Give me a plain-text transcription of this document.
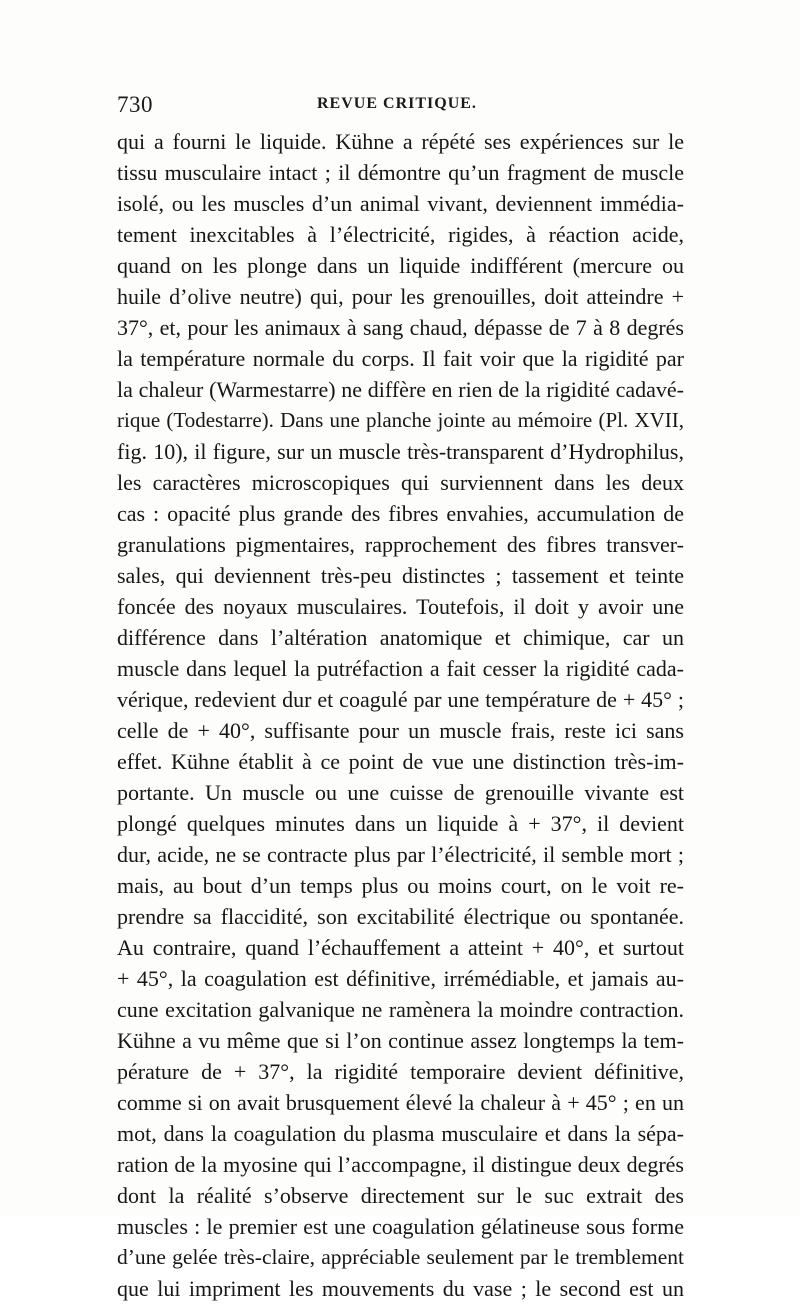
730	REVUE CRITIQUE.
qui a fourni le liquide. Kühne a répété ses expériences sur le
tissu musculaire intact ; il démontre qu’un fragment de muscle
isolé, ou les muscles d’un animal vivant, deviennent immédia-
tement inexcitables à l’électricité, rigides, à réaction acide,
quand on les plonge dans un liquide indifférent (mercure ou
huile d’olive neutre) qui, pour les grenouilles, doit atteindre +
37°, et, pour les animaux à sang chaud, dépasse de 7 à 8 degrés
la température normale du corps. Il fait voir que la rigidité par
la chaleur (Warmestarre) ne diffère en rien de la rigidité cadavé-
rique (Todestarre). Dans une planche jointe au mémoire (Pl. XVII,
fig. 10), il figure, sur un muscle très-transparent d’Hydrophilus,
les caractères microscopiques qui surviennent dans les deux
cas : opacité plus grande des fibres envahies, accumulation de
granulations pigmentaires, rapprochement des fibres transver-
sales, qui deviennent très-peu distinctes ; tassement et teinte
foncée des noyaux musculaires. Toutefois, il doit y avoir une
différence dans l’altération anatomique et chimique, car un
muscle dans lequel la putréfaction a fait cesser la rigidité cada-
vérique, redevient dur et coagulé par une température de + 45° ;
celle de + 40°, suffisante pour un muscle frais, reste ici sans
effet. Kühne établit à ce point de vue une distinction très-im-
portante. Un muscle ou une cuisse de grenouille vivante est
plongé quelques minutes dans un liquide à + 37°, il devient
dur, acide, ne se contracte plus par l’électricité, il semble mort ;
mais, au bout d’un temps plus ou moins court, on le voit re-
prendre sa flaccidité, son excitabilité électrique ou spontanée.
Au contraire, quand l’échauffement a atteint + 40°, et surtout
+ 45°, la coagulation est définitive, irrémédiable, et jamais au-
cune excitation galvanique ne ramènera la moindre contraction.
Kühne a vu même que si l’on continue assez longtemps la tem-
pérature de + 37°, la rigidité temporaire devient définitive,
comme si on avait brusquement élevé la chaleur à + 45° ; en un
mot, dans la coagulation du plasma musculaire et dans la sépa-
ration de la myosine qui l’accompagne, il distingue deux degrés
dont la réalité s’observe directement sur le suc extrait des
muscles : le premier est une coagulation gélatineuse sous forme
d’une gelée très-claire, appréciable seulement par le tremblement
que lui impriment les mouvements du vase ; le second est un
